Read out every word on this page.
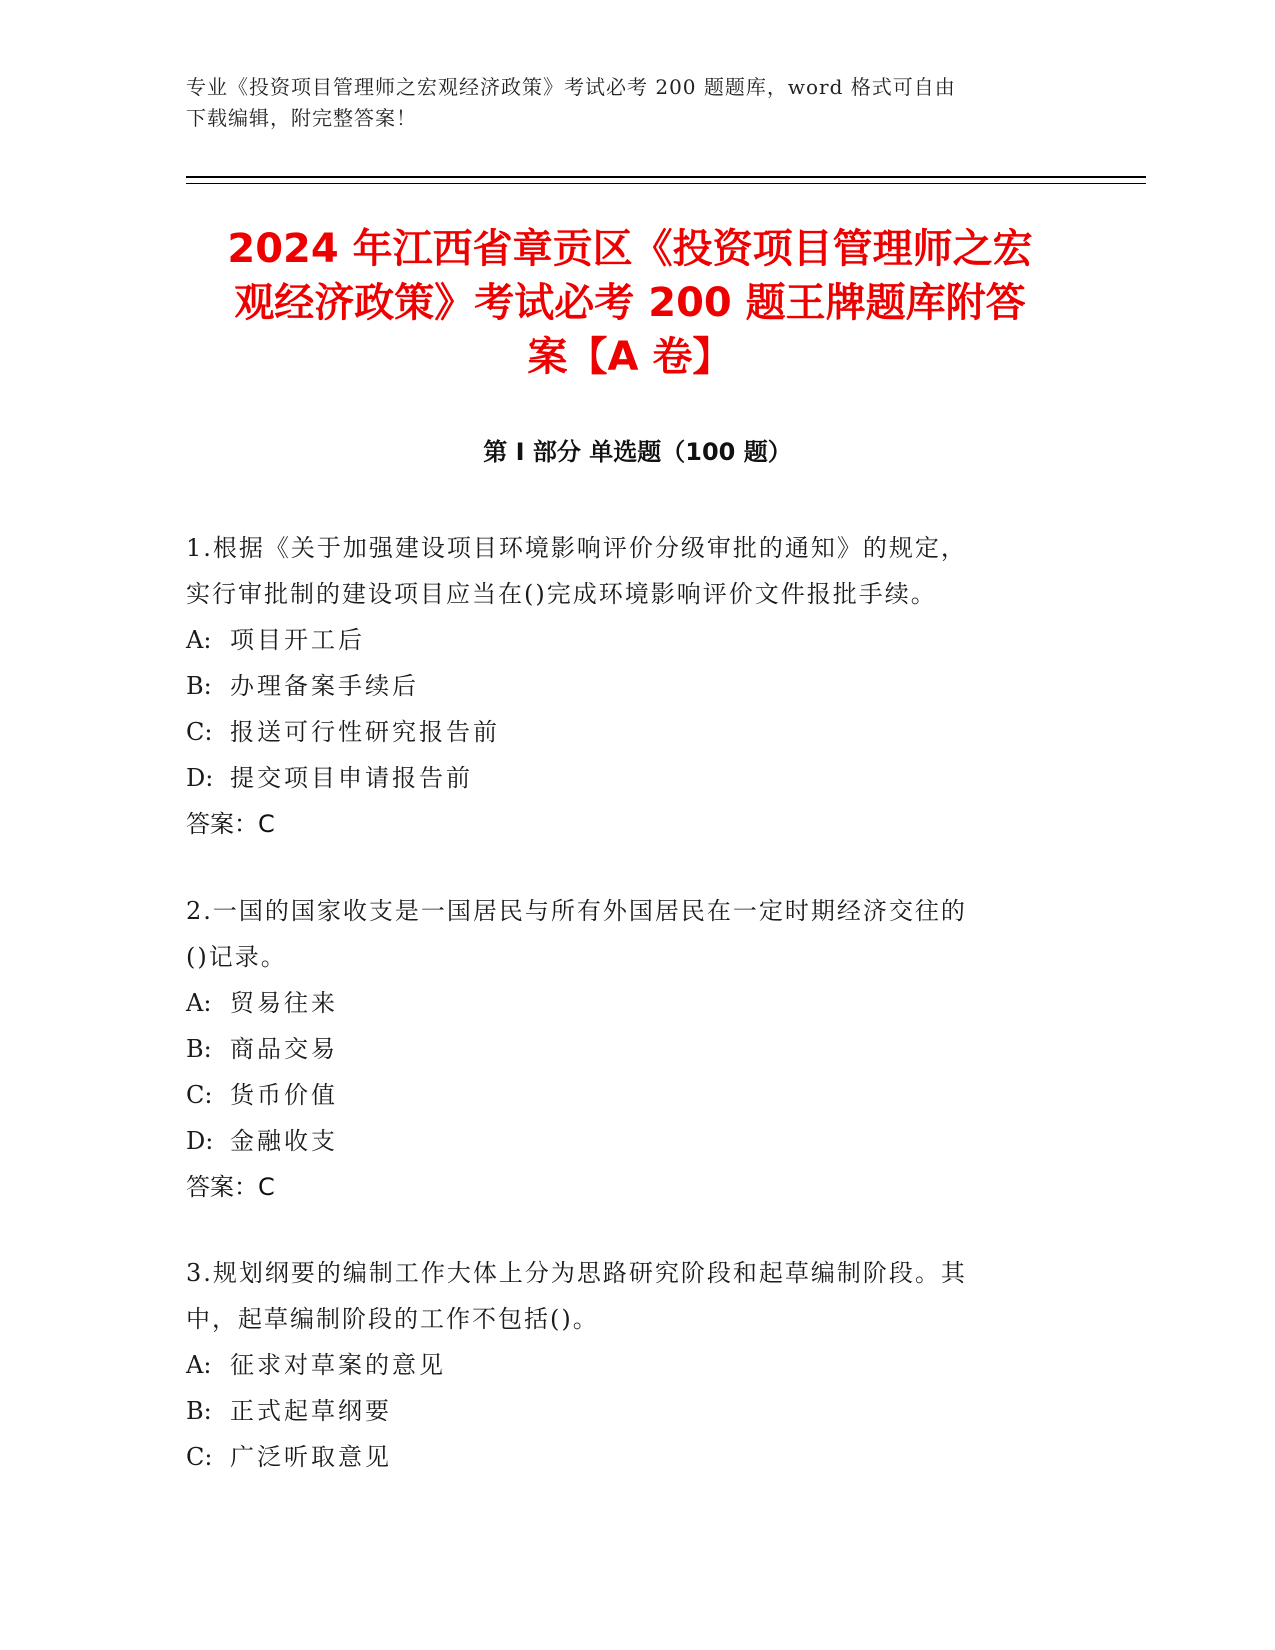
专业《投资项目管理师之宏观经济政策》考试必考 200 题题库，word 格式可自由
下载编辑，附完整答案！
2024 年江西省章贡区《投资项目管理师之宏
观经济政策》考试必考 200 题王牌题库附答
案【A 卷】
第 I 部分 单选题（100 题）

1.根据《关于加强建设项目环境影响评价分级审批的通知》的规定，

实行审批制的建设项目应当在()完成环境影响评价文件报批手续。

A: 项目开工后

B: 办理备案手续后

C: 报送可行性研究报告前

D: 提交项目申请报告前

答案：C

2.一国的国家收支是一国居民与所有外国居民在一定时期经济交往的

()记录。

A: 贸易往来

B: 商品交易

C: 货币价值

D: 金融收支

答案：C

3.规划纲要的编制工作大体上分为思路研究阶段和起草编制阶段。其

中，起草编制阶段的工作不包括()。

A: 征求对草案的意见

B: 正式起草纲要

C: 广泛听取意见
